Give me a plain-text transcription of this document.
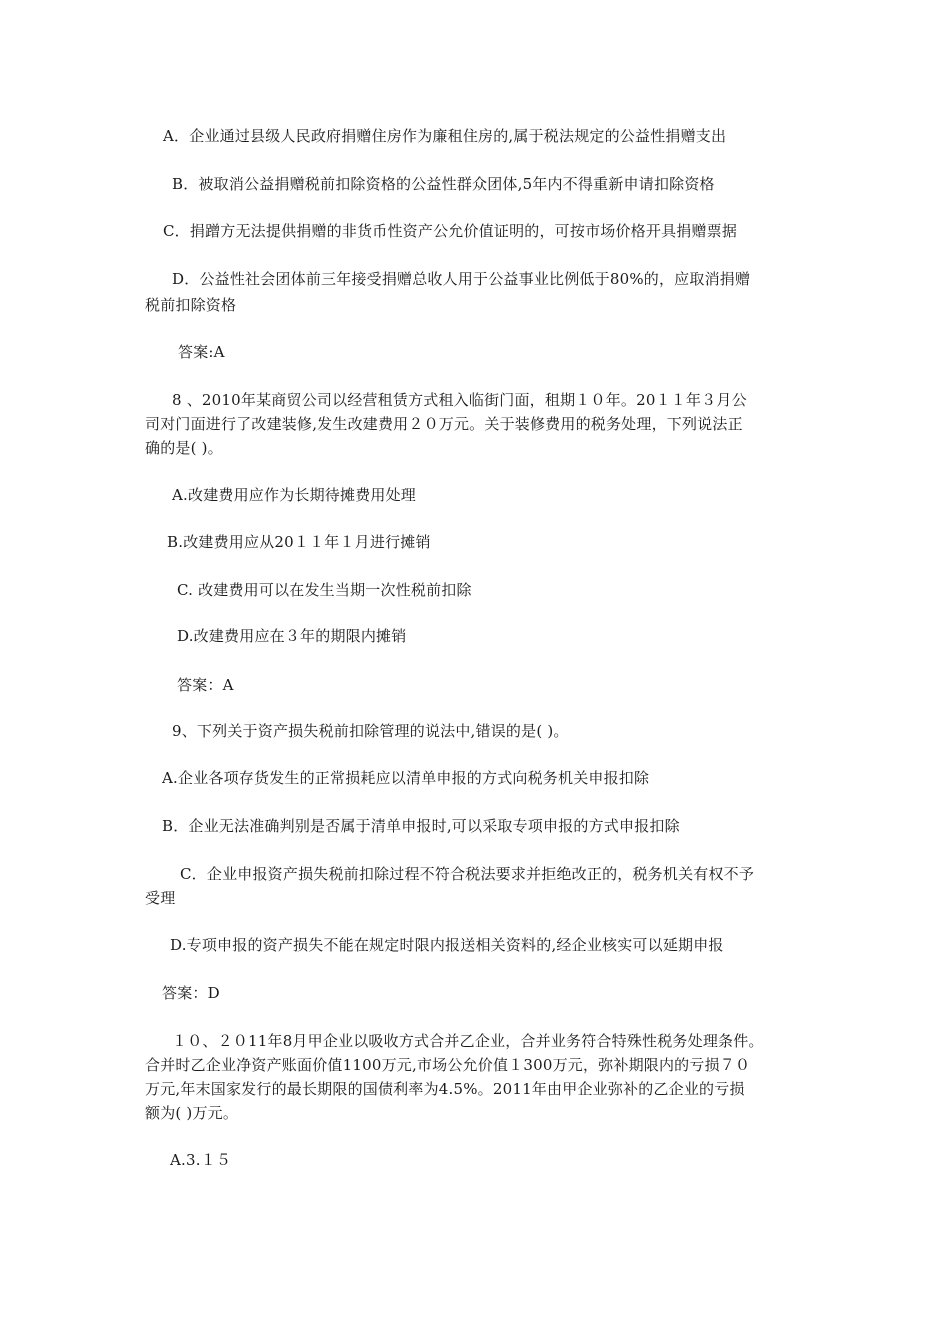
A．企业通过县级人民政府捐赠住房作为廉租住房的,属于税法规定的公益性捐赠支出
B．被取消公益捐赠税前扣除资格的公益性群众团体,5年内不得重新申请扣除资格
C．捐蹭方无法提供捐赠的非货币性资产公允价值证明的，可按市场价格开具捐赠票据
D．公益性社会团体前三年接受捐赠总收人用于公益事业比例低于80%的，应取消捐赠
税前扣除资格
答案:A
8 、2010年某商贸公司以经营租赁方式租入临街门面，租期１０年。20１１年３月公
司对门面进行了改建装修,发生改建费用２０万元。关于装修费用的税务处理，下列说法正
确的是( )。
A.改建费用应作为长期待摊费用处理
B.改建费用应从20１１年１月进行摊销
C. 改建费用可以在发生当期一次性税前扣除
D.改建费用应在３年的期限内摊销
答案：A
9、下列关于资产损失税前扣除管理的说法中,错误的是( )。
A.企业各项存货发生的正常损耗应以清单申报的方式向税务机关申报扣除
B．企业无法准确判别是否属于清单申报时,可以采取专项申报的方式申报扣除
C．企业申报资产损失税前扣除过程不符合税法要求并拒绝改正的，税务机关有权不予
受理
D.专项申报的资产损失不能在规定时限内报送相关资料的,经企业核实可以延期申报
答案：D
１０、２０11年8月甲企业以吸收方式合并乙企业，合并业务符合特殊性税务处理条件。
合并时乙企业净资产账面价值1100万元,市场公允价值１300万元，弥补期限内的亏损７０
万元,年末国家发行的最长期限的国债利率为4.5%。2011年由甲企业弥补的乙企业的亏损
额为( )万元。
A.3.１５
